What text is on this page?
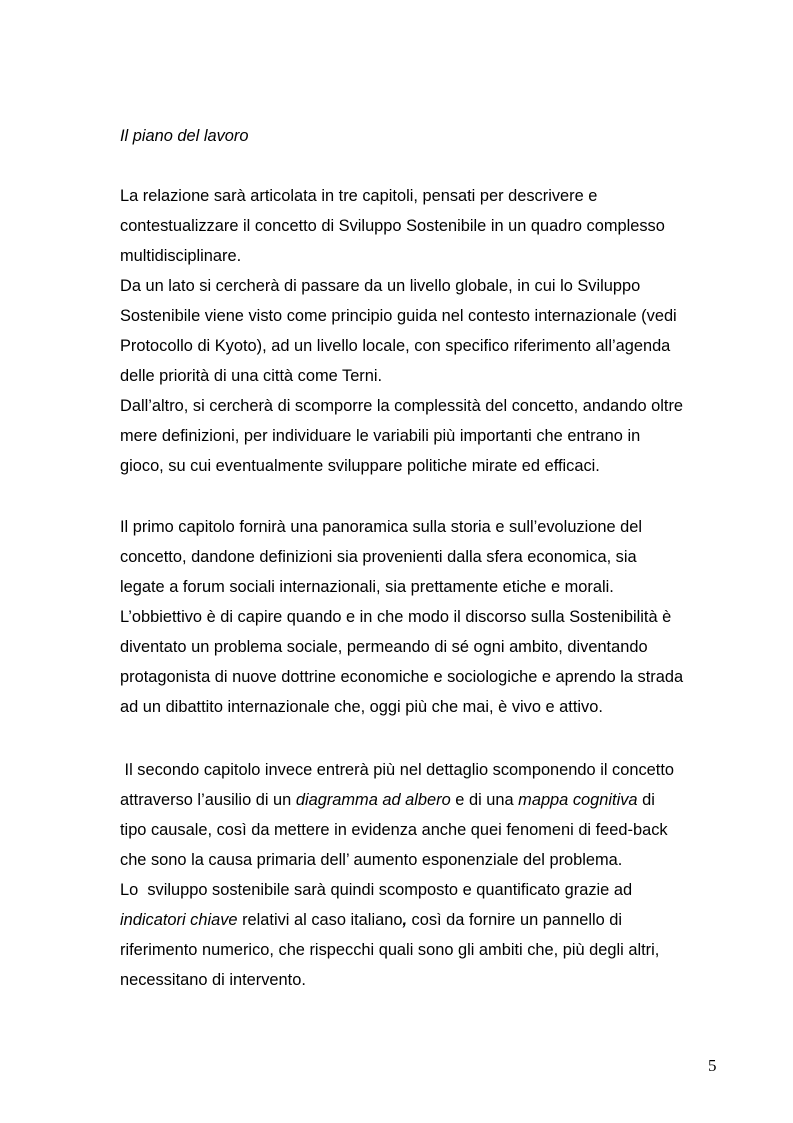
Il piano del lavoro
La relazione sarà articolata in tre capitoli, pensati per descrivere e
contestualizzare il concetto di Sviluppo Sostenibile in un quadro complesso
multidisciplinare.
Da un lato si cercherà di passare da un livello globale, in cui lo Sviluppo
Sostenibile viene visto come principio guida nel contesto internazionale (vedi
Protocollo di Kyoto), ad un livello locale, con specifico riferimento all’agenda
delle priorità di una città come Terni.
Dall’altro, si cercherà di scomporre la complessità del concetto, andando oltre
mere definizioni, per individuare le variabili più importanti che entrano in
gioco, su cui eventualmente sviluppare politiche mirate ed efficaci.
Il primo capitolo fornirà una panoramica sulla storia e sull’evoluzione del
concetto, dandone definizioni sia provenienti dalla sfera economica, sia
legate a forum sociali internazionali, sia prettamente etiche e morali.
L’obbiettivo è di capire quando e in che modo il discorso sulla Sostenibilità è
diventato un problema sociale, permeando di sé ogni ambito, diventando
protagonista di nuove dottrine economiche e sociologiche e aprendo la strada
ad un dibattito internazionale che, oggi più che mai, è vivo e attivo.
Il secondo capitolo invece entrerà più nel dettaglio scomponendo il concetto
attraverso l’ausilio di un diagramma ad albero e di una mappa cognitiva di
tipo causale, così da mettere in evidenza anche quei fenomeni di feed-back
che sono la causa primaria dell’ aumento esponenziale del problema.
Lo  sviluppo sostenibile sarà quindi scomposto e quantificato grazie ad
indicatori chiave relativi al caso italiano, così da fornire un pannello di
riferimento numerico, che rispecchi quali sono gli ambiti che, più degli altri,
necessitano di intervento.
5
